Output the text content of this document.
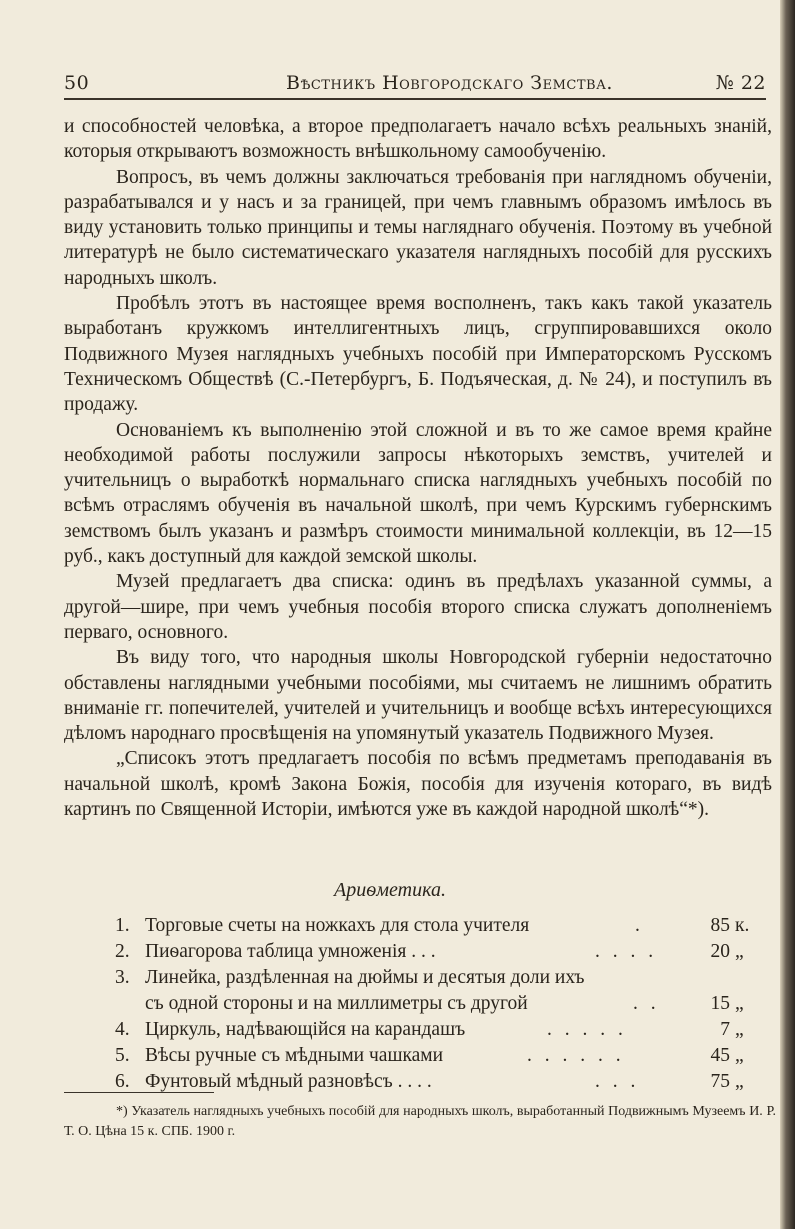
50	Вѣстникъ Новгородскаго Земства.	№ 22

и способностей человѣка, а второе предполагаетъ начало всѣхъ реальныхъ знаній, которыя открываютъ возможность внѣшкольному самообученію.

Вопросъ, въ чемъ должны заключаться требованія при наглядномъ обученіи, разрабатывался и у насъ и за границей, при чемъ главнымъ образомъ имѣлось въ виду установить только принципы и темы нагляднаго обученія. Поэтому въ учебной литературѣ не было систематическаго указателя наглядныхъ пособій для русскихъ народныхъ школъ.

Пробѣлъ этотъ въ настоящее время восполненъ, такъ какъ такой указатель выработанъ кружкомъ интеллигентныхъ лицъ, сгруппировавшихся около Подвижного Музея наглядныхъ учебныхъ пособій при Императорскомъ Русскомъ Техническомъ Обществѣ (С.-Петербургъ, Б. Подъяческая, д. № 24), и поступилъ въ продажу.

Основаніемъ къ выполненію этой сложной и въ то же самое время крайне необходимой работы послужили запросы нѣкоторыхъ земствъ, учителей и учительницъ о выработкѣ нормальнаго списка наглядныхъ учебныхъ пособій по всѣмъ отраслямъ обученія въ начальной школѣ, при чемъ Курскимъ губернскимъ земствомъ былъ указанъ и размѣръ стоимости минимальной коллекціи, въ 12—15 руб., какъ доступный для каждой земской школы.

Музей предлагаетъ два списка: одинъ въ предѣлахъ указанной суммы, а другой—шире, при чемъ учебныя пособія второго списка служатъ дополненіемъ перваго, основного.

Въ виду того, что народныя школы Новгородской губерніи недостаточно обставлены наглядными учебными пособіями, мы считаемъ не лишнимъ обратить вниманіе гг. попечителей, учителей и учительницъ и вообще всѣхъ интересующихся дѣломъ народнаго просвѣщенія на упомянутый указатель Подвижного Музея.

„Списокъ этотъ предлагаетъ пособія по всѣмъ предметамъ преподаванія въ начальной школѣ, кромѣ Закона Божія, пособія для изученія котораго, въ видѣ картинъ по Священной Исторіи, имѣются уже въ каждой народной школѣ“*).

Ариѳметика.
1. Торговые счеты на ножкахъ для стола учителя	.	85 к.
2. Пиѳагорова таблица умноженія . . .	. . . .	20 „
3. Линейка, раздѣленная на дюймы и десятыя доли ихъ
съ одной стороны и на миллиметры съ другой	. .	15 „
4. Циркуль, надѣвающійся на карандашъ	. . . . .	7 „
5. Вѣсы ручные съ мѣдными чашками	. . . . . .	45 „
6. Фунтовый мѣдный разновѣсъ . . . .	. . .	75 „
*) Указатель наглядныхъ учебныхъ пособій для народныхъ школъ, выработанный Подвижнымъ Музеемъ И. Р. Т. О. Цѣна 15 к. СПБ. 1900 г.
